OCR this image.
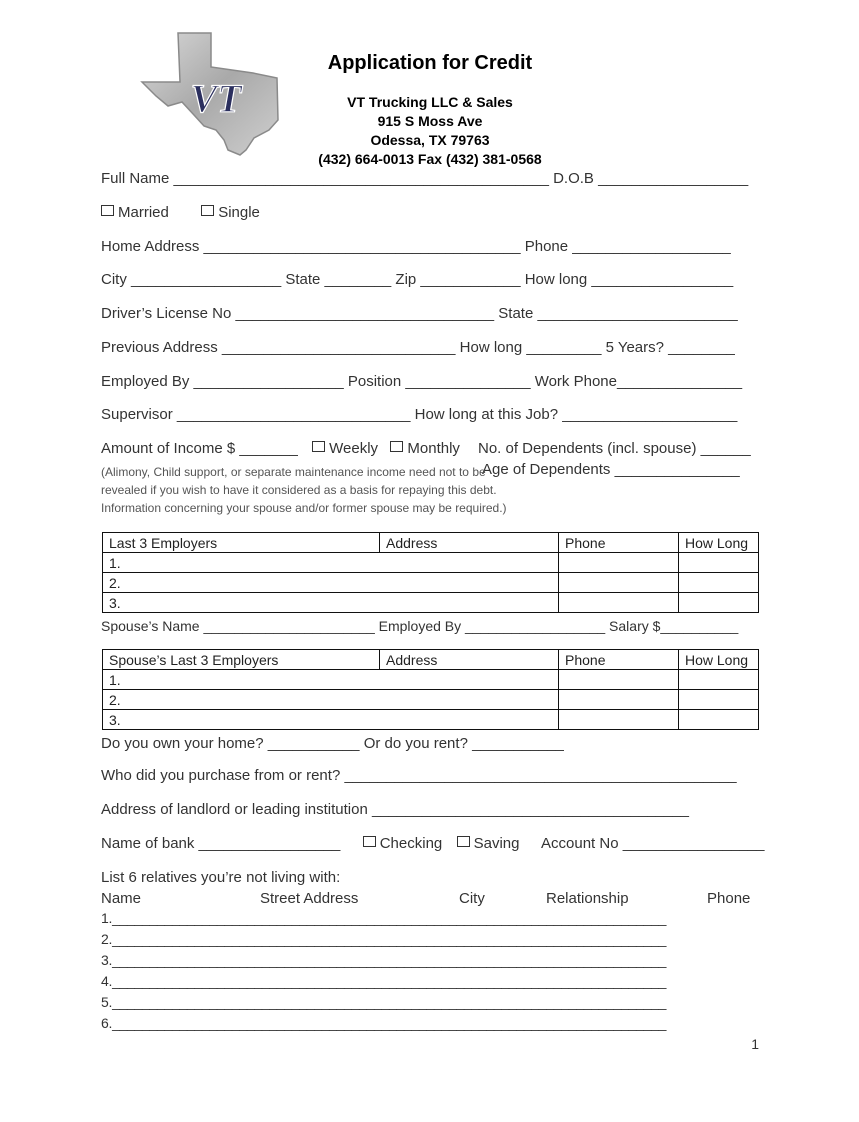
VT
Application for Credit
VT Trucking LLC & Sales
915 S Moss Ave
Odessa, TX 79763
(432) 664-0013 Fax (432) 381-0568
Full Name _____________________________________________ D.O.B __________________
Married	Single
Home Address ______________________________________ Phone ___________________
City __________________ State ________ Zip ____________ How long _________________
Driver’s License No _______________________________ State ________________________
Previous Address ____________________________ How long _________ 5 Years? ________
Employed By __________________ Position _______________ Work Phone_______________
Supervisor ____________________________ How long at this Job? _____________________
Amount of Income $ _______ Weekly Monthly No. of Dependents (incl. spouse) ______
Age of Dependents _______________
(Alimony, Child support, or separate maintenance income need not to be revealed if you wish to have it considered as a basis for repaying this debt. Information concerning your spouse and/or former spouse may be required.)
Last 3 Employers	Address	Phone	How Long
1.			
2.			
3.			
Spouse’s Name ______________________ Employed By __________________ Salary $__________
Spouse’s Last 3 Employers	Address	Phone	How Long
1.			
2.			
3.			
Do you own your home? ___________ Or do you rent? ___________
Who did you purchase from or rent? _______________________________________________
Address of landlord or leading institution ______________________________________
Name of bank _________________	Checking Saving Account No _________________
List 6 relatives you’re not living with:
Name	Street Address	City	Relationship	Phone
1.__________________________________________________________________________
2.__________________________________________________________________________
3.__________________________________________________________________________
4.__________________________________________________________________________
5.__________________________________________________________________________
6.__________________________________________________________________________
1
